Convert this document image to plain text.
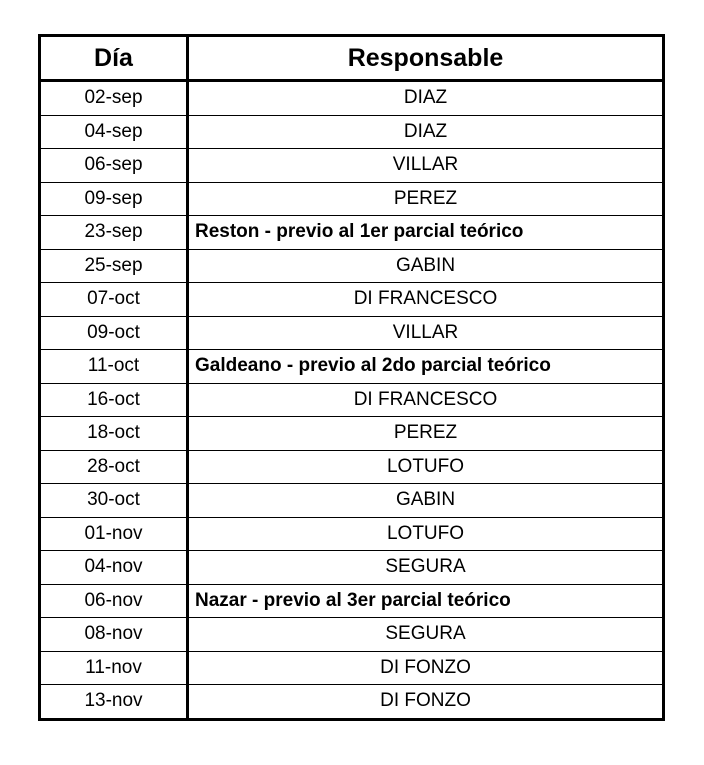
Día	Responsable
02-sep	DIAZ
04-sep	DIAZ
06-sep	VILLAR
09-sep	PEREZ
23-sep	Reston - previo al 1er parcial teórico
25-sep	GABIN
07-oct	DI FRANCESCO
09-oct	VILLAR
11-oct	Galdeano - previo al 2do parcial teórico
16-oct	DI FRANCESCO
18-oct	PEREZ
28-oct	LOTUFO
30-oct	GABIN
01-nov	LOTUFO
04-nov	SEGURA
06-nov	Nazar - previo al 3er parcial teórico
08-nov	SEGURA
11-nov	DI FONZO
13-nov	DI FONZO
